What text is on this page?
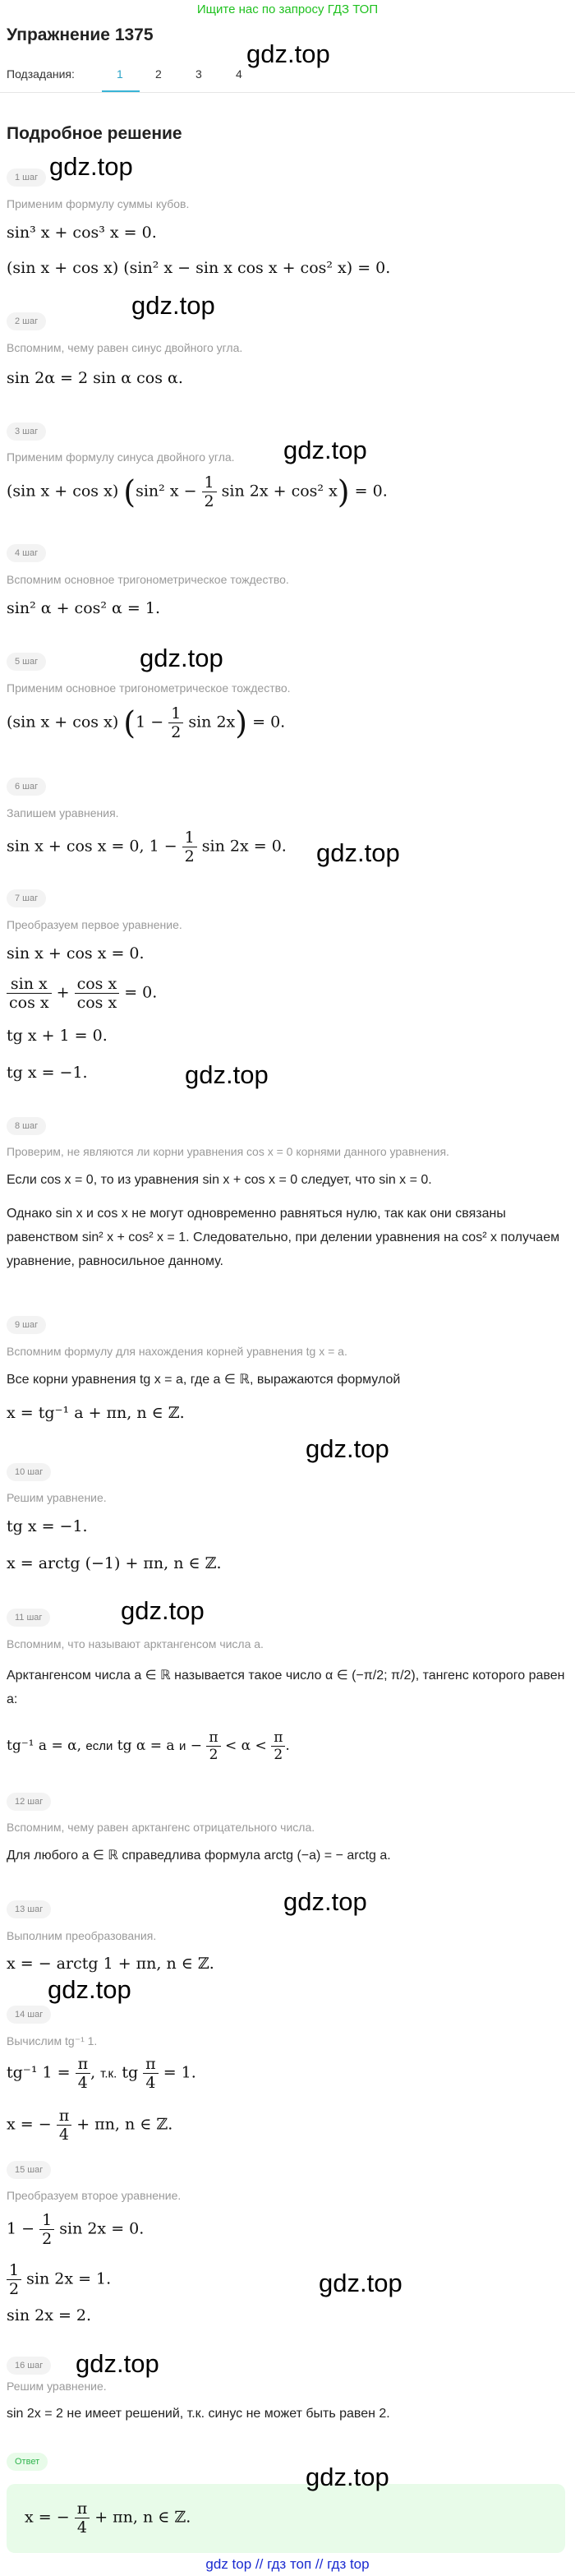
Ищите нас по запросу ГДЗ ТОП
Упражнение 1375
Подзадания:	1	2	3	4
Подробное решение
1 шаг
Применим формулу суммы кубов.
sin³ x + cos³ x = 0.
(sin x + cos x) (sin² x − sin x cos x + cos² x) = 0.
2 шаг
Вспомним, чему равен синус двойного угла.
sin 2α = 2 sin α cos α.
3 шаг
Применим формулу синуса двойного угла.
(sin x + cos x) (sin² $x - \frac{1}{2}$ sin 2x + cos² x) = 0.
4 шаг
Вспомним основное тригонометрическое тождество.
sin² α + cos² α = 1.
5 шаг
Применим основное тригонометрическое тождество.
(sin x + cos x) ($1 - \frac{1}{2}$ sin 2x) = 0.
6 шаг
Запишем уравнения.
sin x + cos x = 0, $1 - \frac{1}{2}$ sin 2x = 0.
7 шаг
Преобразуем первое уравнение.
sin x + cos x = 0.
$\frac{\text{sin x}}{\text{cos x}} + \frac{\text{cos x}}{\text{cos x}} = 0$.
tg x + 1 = 0.
tg x = −1.
8 шаг
Проверим, не являются ли корни уравнения cos x = 0 корнями данного уравнения.
Если cos x = 0, то из уравнения sin x + cos x = 0 следует, что sin x = 0.
Однако sin x и cos x не могут одновременно равняться нулю, так как они связаны равенством sin² x + cos² x = 1. Следовательно, при делении уравнения на cos² x получаем уравнение, равносильное данному.
9 шаг
Вспомним формулу для нахождения корней уравнения tg x = a.
Все корни уравнения tg x = a, где a ∈ ℝ, выражаются формулой
x = tg⁻¹ a + πn, n ∈ ℤ.
10 шаг
Решим уравнение.
tg x = −1.
x = arctg (−1) + πn, n ∈ ℤ.
11 шаг
Вспомним, что называют арктангенсом числа a.
Арктангенсом числа a ∈ ℝ называется такое число α ∈ (−π/2; π/2), тангенс которого равен a:
tg⁻¹ a = α, если tg α = a $и - \frac{\pi}{2} < \alpha < \frac{\pi}{2}$ .
12 шаг
Вспомним, чему равен арктангенс отрицательного числа.
Для любого a ∈ ℝ справедлива формула arctg (−a) = − arctg a.
13 шаг
Выполним преобразования.
x = − arctg 1 + πn, n ∈ ℤ.
14 шаг
Вычислим tg⁻¹ 1.
tg⁻¹ $1 = \frac{\pi}{4}$ , т.к. tg $\frac{\pi}{4} = 1$.
x = − $\frac{\pi}{4} + \pi n$, n ∈ ℤ.
15 шаг
Преобразуем второе уравнение.
$1 - \frac{1}{2}$ sin 2x = 0.
$\frac{1}{2}$ sin 2x = 1.
sin 2x = 2.
16 шаг
Решим уравнение.
sin 2x = 2 не имеет решений, т.к. синус не может быть равен 2.
Ответ
x = − $\frac{\pi}{4} + \pi n$, n ∈ ℤ.
gdz top // гдз топ // гдз top
gdz.top
gdz.top
gdz.top
gdz.top
gdz.top
gdz.top
gdz.top
gdz.top
gdz.top
gdz.top
gdz.top
gdz.top
gdz.top
gdz.top
